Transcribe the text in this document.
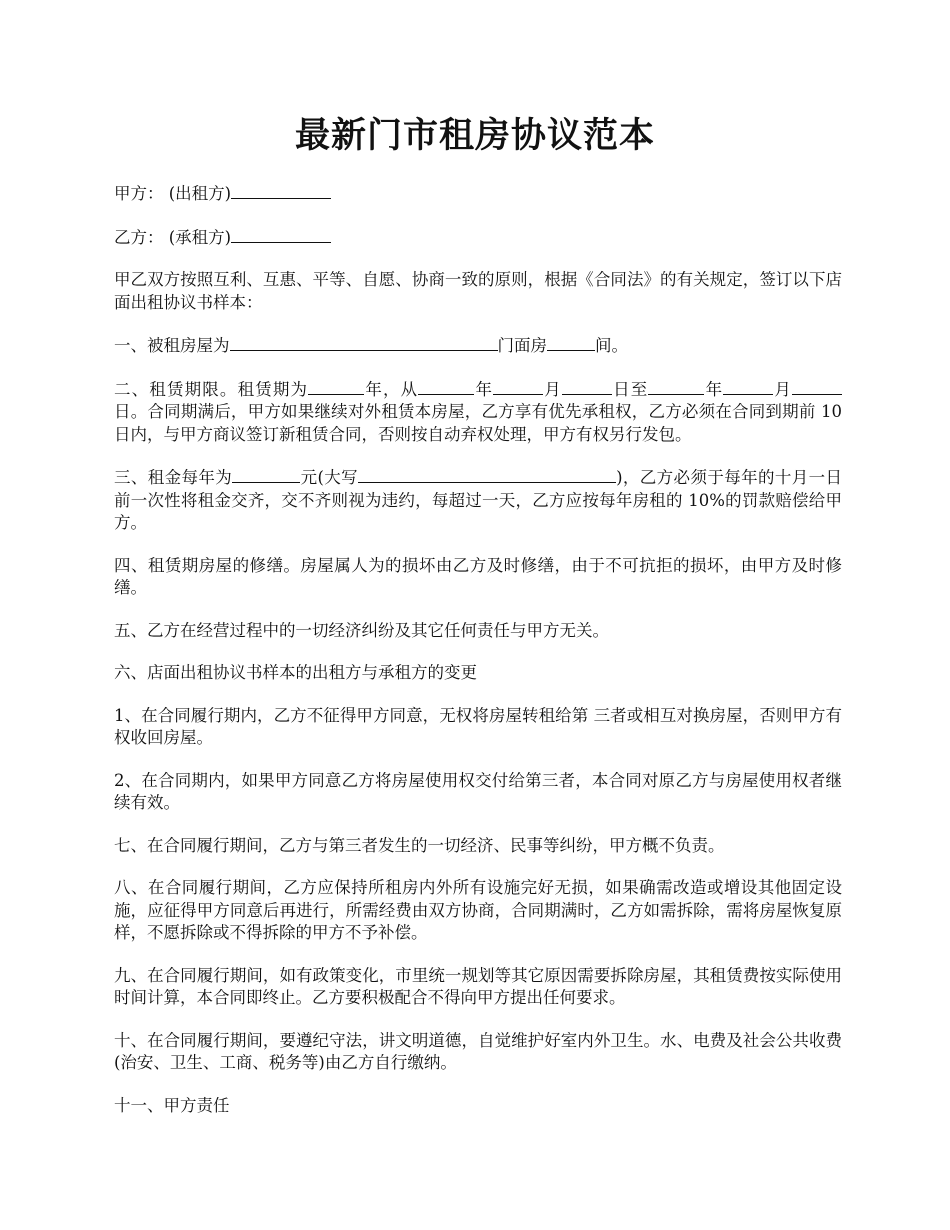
最新门市租房协议范本

甲方： (出租方)

乙方： (承租方)

甲乙双方按照互利、互惠、平等、自愿、协商一致的原则，根据《合同法》的有关规定，签订以下店面出租协议书样本：

一、被租房屋为	门面房	间。

二、租赁期限。租赁期为	年，从	年	月	日至	年	月日。合同期满后，甲方如果继续对外租赁本房屋，乙方享有优先承租权，乙方必须在合同到期前 10 日内，与甲方商议签订新租赁合同，否则按自动弃权处理，甲方有权另行发包。

三、租金每年为	元(大写	)，乙方必须于每年的十月一日前一次性将租金交齐，交不齐则视为违约，每超过一天，乙方应按每年房租的 10%的罚款赔偿给甲方。

四、租赁期房屋的修缮。房屋属人为的损坏由乙方及时修缮，由于不可抗拒的损坏，由甲方及时修缮。

五、乙方在经营过程中的一切经济纠纷及其它任何责任与甲方无关。

六、店面出租协议书样本的出租方与承租方的变更

1、在合同履行期内，乙方不征得甲方同意，无权将房屋转租给第 三者或相互对换房屋，否则甲方有权收回房屋。

2、在合同期内，如果甲方同意乙方将房屋使用权交付给第三者，本合同对原乙方与房屋使用权者继续有效。

七、在合同履行期间，乙方与第三者发生的一切经济、民事等纠纷，甲方概不负责。

八、在合同履行期间，乙方应保持所租房内外所有设施完好无损，如果确需改造或增设其他固定设施，应征得甲方同意后再进行，所需经费由双方协商，合同期满时，乙方如需拆除，需将房屋恢复原样，不愿拆除或不得拆除的甲方不予补偿。

九、在合同履行期间，如有政策变化，市里统一规划等其它原因需要拆除房屋，其租赁费按实际使用时间计算，本合同即终止。乙方要积极配合不得向甲方提出任何要求。

十、在合同履行期间，要遵纪守法，讲文明道德，自觉维护好室内外卫生。水、电费及社会公共收费(治安、卫生、工商、税务等)由乙方自行缴纳。

十一、甲方责任
